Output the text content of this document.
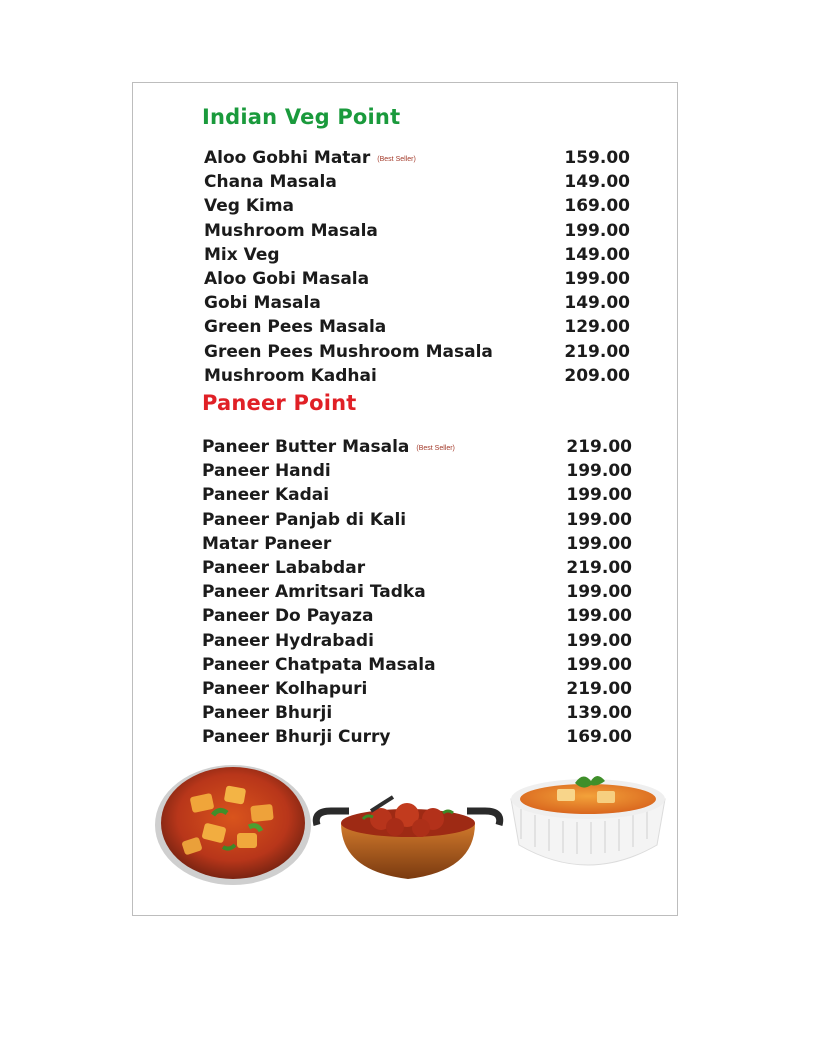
Indian Veg Point
Aloo Gobhi Matar (Best Seller)	159.00
Chana Masala	149.00
Veg Kima	169.00
Mushroom Masala	199.00
Mix Veg	149.00
Aloo Gobi Masala	199.00
Gobi Masala	149.00
Green Pees Masala	129.00
Green Pees Mushroom Masala	219.00
Mushroom Kadhai	209.00
Paneer Point
Paneer Butter Masala (Best Seller)	219.00
Paneer Handi	199.00
Paneer Kadai	199.00
Paneer Panjab di Kali	199.00
Matar Paneer	199.00
Paneer Lababdar	219.00
Paneer Amritsari Tadka	199.00
Paneer Do Payaza	199.00
Paneer Hydrabadi	199.00
Paneer Chatpata Masala	199.00
Paneer Kolhapuri	219.00
Paneer Bhurji	139.00
Paneer Bhurji Curry	169.00
